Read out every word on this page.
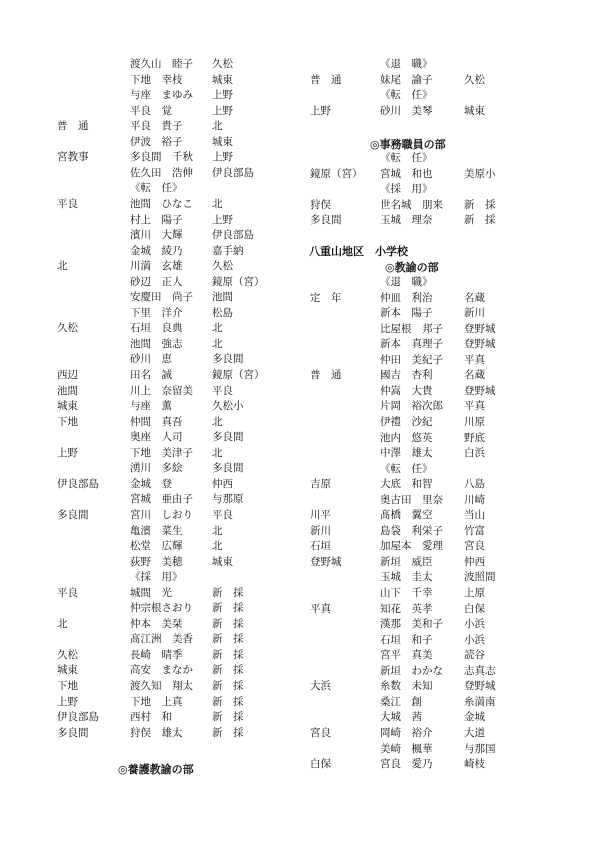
渡久山　睦子 久松
下地　幸枝	城東
与座　まゆみ 上野
平良　覚	上野
普　通	平良　貴子	北
伊波　裕子	城東
宮教事	多良間　千秋 上野
佐久田　浩伸 伊良部島
《転　任》
平良	池間　ひなこ 北
村上　陽子	上野
濱川　大輝	伊良部島
金城　綾乃	嘉手納
北	川満　玄雄	久松
砂辺　正人	鏡原（宮）
安慶田　尚子 池間
下里　洋介	松島
久松	石垣　良典	北
池間　強志	北
砂川　恵	多良間
西辺	田名　誠	鏡原（宮）
池間	川上　奈留美 平良
城東	与座　薫	久松小
下地	仲間　真吾	北
奥座　人司	多良間
上野	下地　美津子 北
湧川　多絵	多良間
伊良部島	金城　登	仲西
宮城　亜由子 与那原
多良間	宮川　しおり 平良
亀濱　菜生	北
松堂　広輝	北
荻野　美穂	城東
《採　用》
平良	城間　光	新　採
仲宗根さおり 新　採
北	仲本　美栞	新　採
髙江洲　美香 新　採
久松	長崎　晴季	新　採
城東	高安　まなか 新　採
下地	渡久知　翔太 新　採
上野	下地　上真	新　採
伊良部島	西村　和	新　採
多良間	狩俣　雄太	新　採
《退　職》
普　通	妹尾　諭子	久松
《転　任》
上野	砂川　美琴	城東
《転　任》
鏡原（宮） 宮城　和也	美原小
《採　用》
狩俣	世名城　朋来 新　採
多良間	玉城　理奈	新　採
《退　職》
定　年	仲皿　利治	名蔵
新本　陽子	新川
比屋根　邦子 登野城
新本　真理子 登野城
仲田　美紀子 平真
普　通	國吉　杏利	名蔵
仲嵩　大貴	登野城
片岡　裕次郎 平真
伊禮　沙紀	川原
池内　悠英	野底
中澤　雄太	白浜
《転　任》
吉原	大底　和智	八島
奥古田　里奈 川崎
川平	髙橋　翼空	当山
新川	島袋　利栄子 竹富
石垣	加屋本　愛理 宮良
登野城	新垣　威臣	仲西
玉城　圭太	波照間
山下　千幸	上原
平真	知花　英孝	白保
漢那　美和子 小浜
石垣　和子	小浜
宮平　真美	読谷
新垣　わかな 志真志
大浜	糸数　未知	登野城
桑江　創	糸満南
大城　茜	金城
宮良	岡崎　裕介	大道
美崎　楓華	与那国
白保	宮良　愛乃	崎枝
◎養護教諭の部
◎事務職員の部
八重山地区　小学校
◎教諭の部
